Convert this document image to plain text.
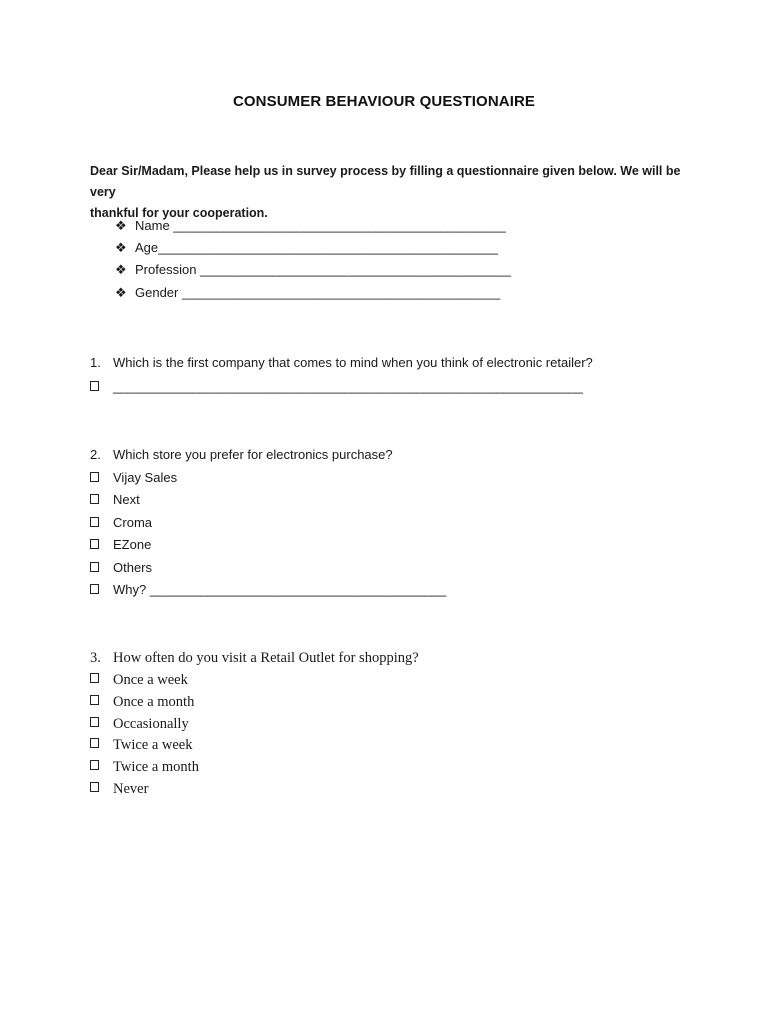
CONSUMER BEHAVIOUR QUESTIONAIRE
Dear Sir/Madam, Please help us in survey process by filling a questionnaire given below. We will be very
thankful for your cooperation.
❖ Name ______________________________________________
❖ Age_______________________________________________
❖ Profession ___________________________________________
❖ Gender ____________________________________________
1. Which is the first company that comes to mind when you think of electronic retailer?
_________________________________________________________________
2. Which store you prefer for electronics purchase?
Vijay Sales
Next
Croma
EZone
Others
Why? _________________________________________
3. How often do you visit a Retail Outlet for shopping?
Once a week
Once a month
Occasionally
Twice a week
Twice a month
Never
